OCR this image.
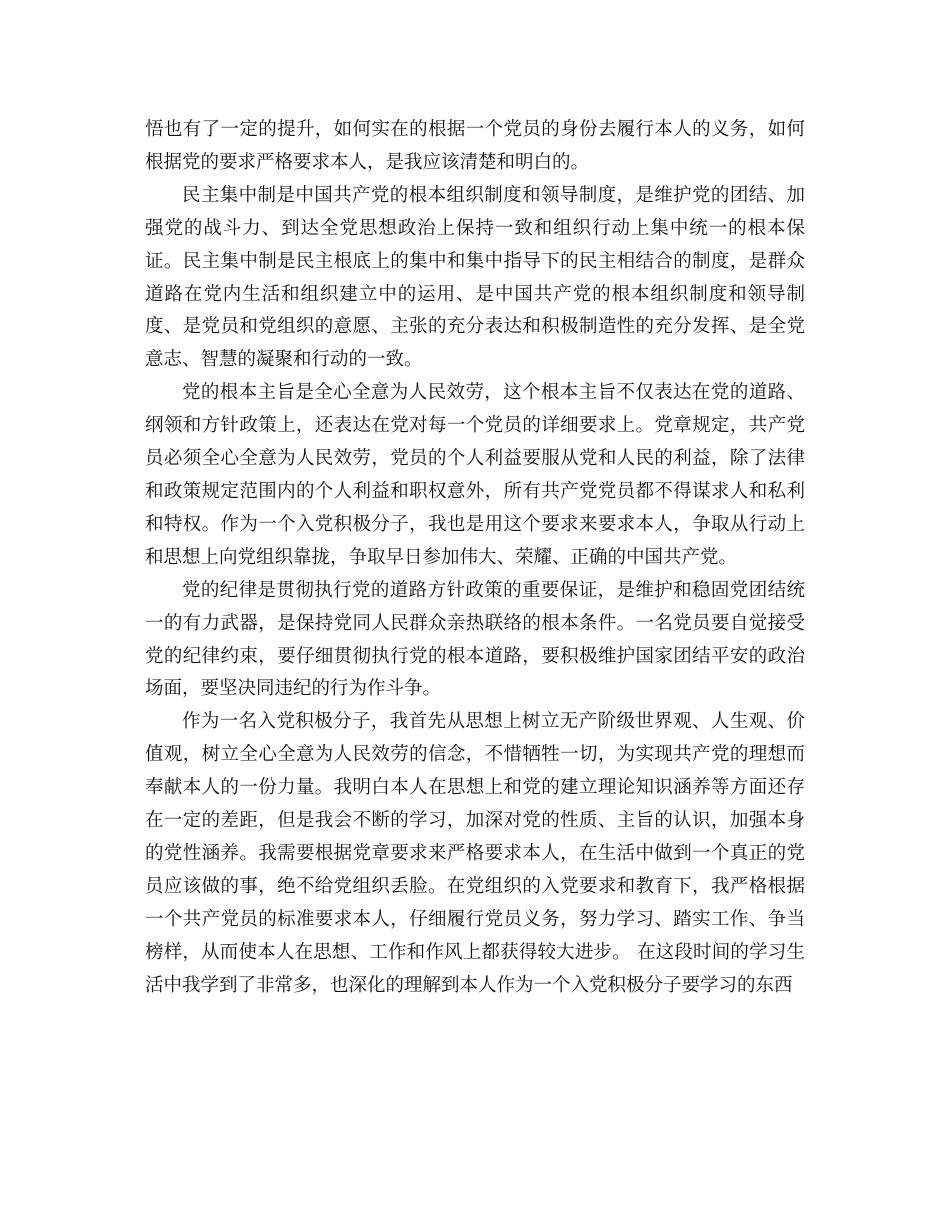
悟也有了一定的提升，如何实在的根据一个党员的身份去履行本人的义务，如何根据党的要求严格要求本人，是我应该清楚和明白的。

民主集中制是中国共产党的根本组织制度和领导制度，是维护党的团结、加强党的战斗力、到达全党思想政治上保持一致和组织行动上集中统一的根本保证。民主集中制是民主根底上的集中和集中指导下的民主相结合的制度，是群众道路在党内生活和组织建立中的运用、是中国共产党的根本组织制度和领导制度、是党员和党组织的意愿、主张的充分表达和积极制造性的充分发挥、是全党意志、智慧的凝聚和行动的一致。

党的根本主旨是全心全意为人民效劳，这个根本主旨不仅表达在党的道路、纲领和方针政策上，还表达在党对每一个党员的详细要求上。党章规定，共产党员必须全心全意为人民效劳，党员的个人利益要服从党和人民的利益，除了法律和政策规定范围内的个人利益和职权意外，所有共产党党员都不得谋求人和私利和特权。作为一个入党积极分子，我也是用这个要求来要求本人，争取从行动上和思想上向党组织靠拢，争取早日参加伟大、荣耀、正确的中国共产党。

党的纪律是贯彻执行党的道路方针政策的重要保证，是维护和稳固党团结统一的有力武器，是保持党同人民群众亲热联络的根本条件。一名党员要自觉接受党的纪律约束，要仔细贯彻执行党的根本道路，要积极维护国家团结平安的政治场面，要坚决同违纪的行为作斗争。

作为一名入党积极分子，我首先从思想上树立无产阶级世界观、人生观、价值观，树立全心全意为人民效劳的信念，不惜牺牲一切，为实现共产党的理想而奉献本人的一份力量。我明白本人在思想上和党的建立理论知识涵养等方面还存在一定的差距，但是我会不断的学习，加深对党的性质、主旨的认识，加强本身的党性涵养。我需要根据党章要求来严格要求本人，在生活中做到一个真正的党员应该做的事，绝不给党组织丢脸。在党组织的入党要求和教育下，我严格根据一个共产党员的标准要求本人，仔细履行党员义务，努力学习、踏实工作、争当榜样，从而使本人在思想、工作和作风上都获得较大进步。 在这段时间的学习生活中我学到了非常多，也深化的理解到本人作为一个入党积极分子要学习的东西
